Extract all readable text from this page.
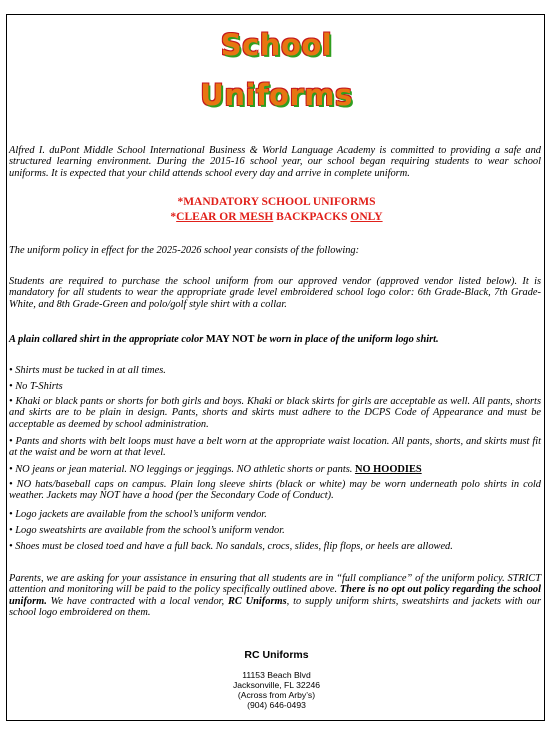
School
Uniforms

Alfred I. duPont Middle School International Business & World Language Academy is committed to providing a safe and structured learning environment. During the 2015-16 school year, our school began requiring students to wear school uniforms. It is expected that your child attends school every day and arrive in complete uniform.

*MANDATORY SCHOOL UNIFORMS
*CLEAR OR MESH BACKPACKS ONLY

The uniform policy in effect for the 2025-2026 school year consists of the following:

Students are required to purchase the school uniform from our approved vendor (approved vendor listed below). It is mandatory for all students to wear the appropriate grade level embroidered school logo color: 6th Grade-Black, 7th Grade-White, and 8th Grade-Green and polo/golf style shirt with a collar.

A plain collared shirt in the appropriate color MAY NOT be worn in place of the uniform logo shirt.

• Shirts must be tucked in at all times.

• No T-Shirts

• Khaki or black pants or shorts for both girls and boys. Khaki or black skirts for girls are acceptable as well. All pants, shorts and skirts are to be plain in design. Pants, shorts and skirts must adhere to the DCPS Code of Appearance and must be acceptable as deemed by school administration.

• Pants and shorts with belt loops must have a belt worn at the appropriate waist location. All pants, shorts, and skirts must fit at the waist and be worn at that level.

• NO jeans or jean material. NO leggings or jeggings. NO athletic shorts or pants. NO HOODIES

• NO hats/baseball caps on campus. Plain long sleeve shirts (black or white) may be worn underneath polo shirts in cold weather. Jackets may NOT have a hood (per the Secondary Code of Conduct).

• Logo jackets are available from the school’s uniform vendor.

• Logo sweatshirts are available from the school’s uniform vendor.

• Shoes must be closed toed and have a full back. No sandals, crocs, slides, flip flops, or heels are allowed.

Parents, we are asking for your assistance in ensuring that all students are in “full compliance” of the uniform policy. STRICT attention and monitoring will be paid to the policy specifically outlined above. There is no opt out policy regarding the school uniform. We have contracted with a local vendor, RC Uniforms, to supply uniform shirts, sweatshirts and jackets with our school logo embroidered on them.

RC Uniforms
11153 Beach Blvd
Jacksonville, FL 32246
(Across from Arby’s)
(904) 646-0493
